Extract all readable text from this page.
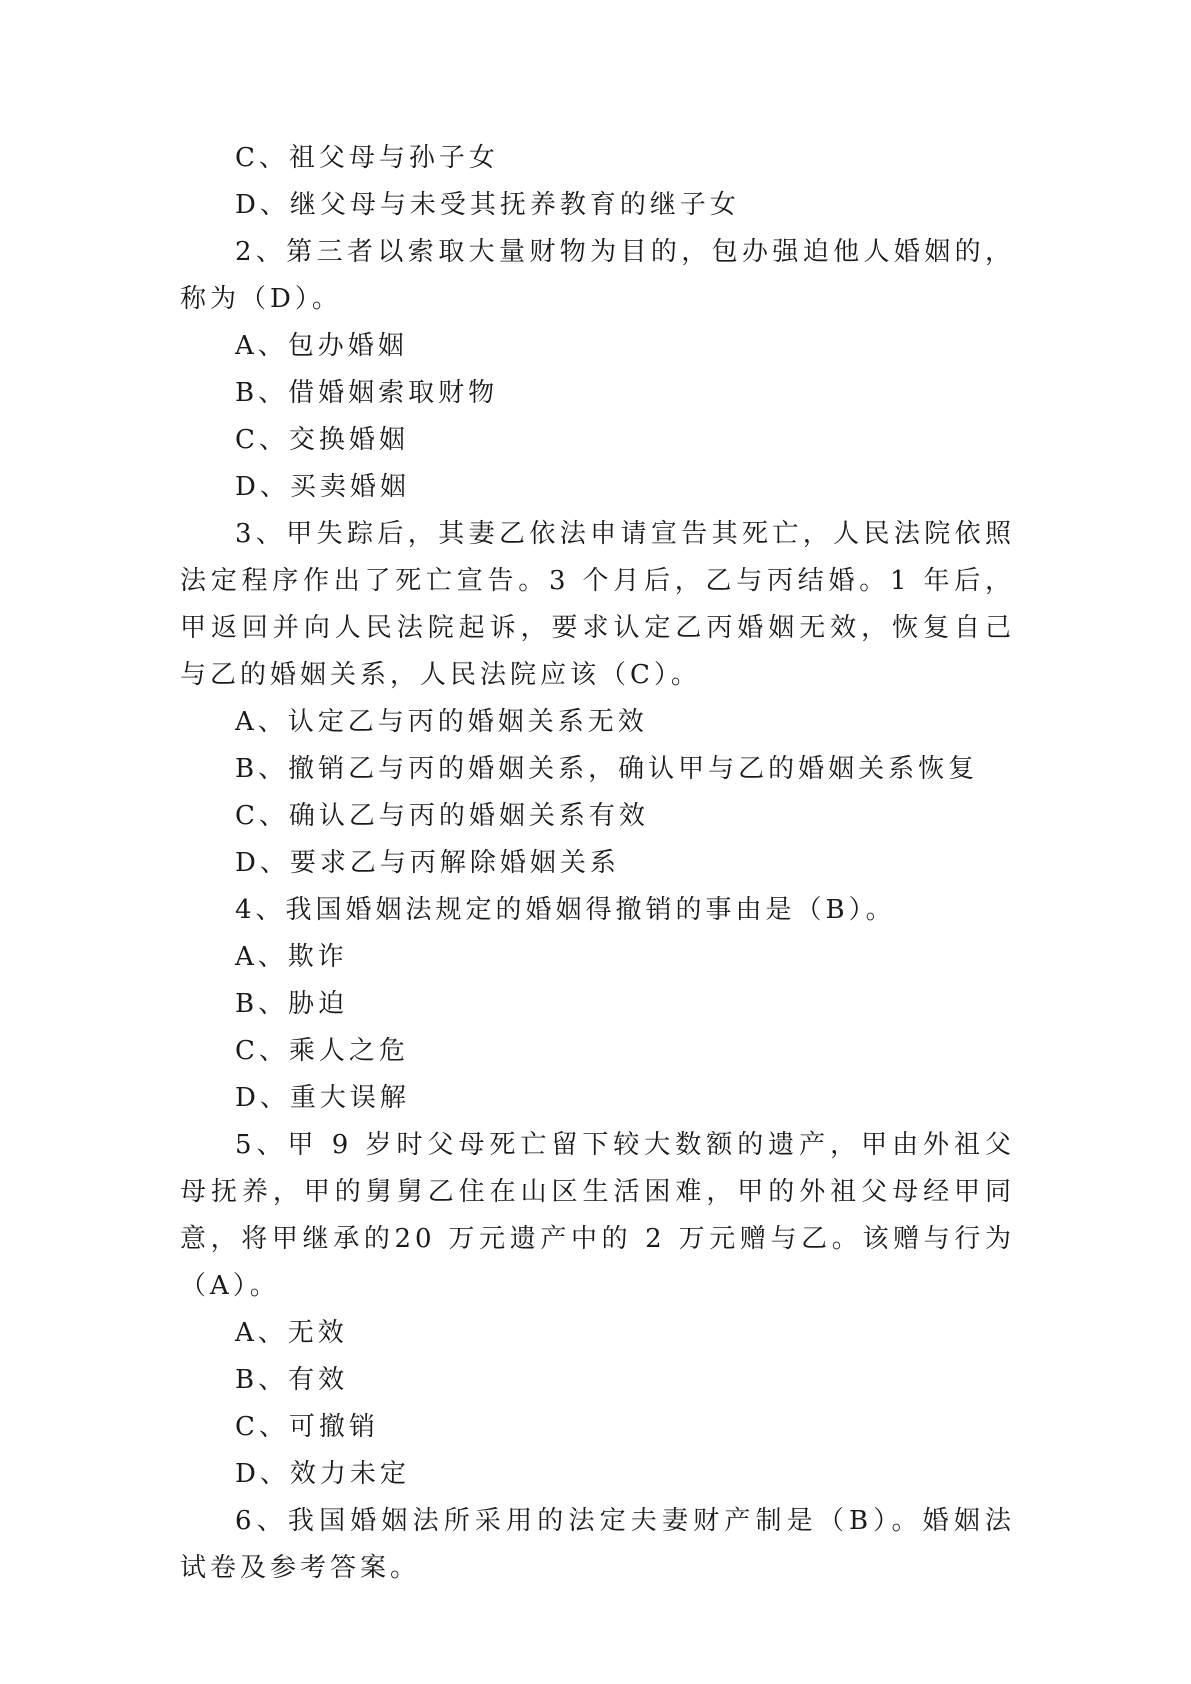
C、祖父母与孙子女
D、继父母与未受其抚养教育的继子女
2、第三者以索取大量财物为目的，包办强迫他人婚姻的，称为（D）。
A、包办婚姻
B、借婚姻索取财物
C、交换婚姻
D、买卖婚姻
3、甲失踪后，其妻乙依法申请宣告其死亡，人民法院依照法定程序作出了死亡宣告。3 个月后，乙与丙结婚。1 年后，甲返回并向人民法院起诉，要求认定乙丙婚姻无效，恢复自己与乙的婚姻关系，人民法院应该（C）。
A、认定乙与丙的婚姻关系无效
B、撤销乙与丙的婚姻关系，确认甲与乙的婚姻关系恢复
C、确认乙与丙的婚姻关系有效
D、要求乙与丙解除婚姻关系
4、我国婚姻法规定的婚姻得撤销的事由是（B）。
A、欺诈
B、胁迫
C、乘人之危
D、重大误解
5、甲 9 岁时父母死亡留下较大数额的遗产，甲由外祖父母抚养，甲的舅舅乙住在山区生活困难，甲的外祖父母经甲同意，将甲继承的20 万元遗产中的 2 万元赠与乙。该赠与行为（A）。
A、无效
B、有效
C、可撤销
D、效力未定
6、我国婚姻法所采用的法定夫妻财产制是（B）。婚姻法试卷及参考答案。
